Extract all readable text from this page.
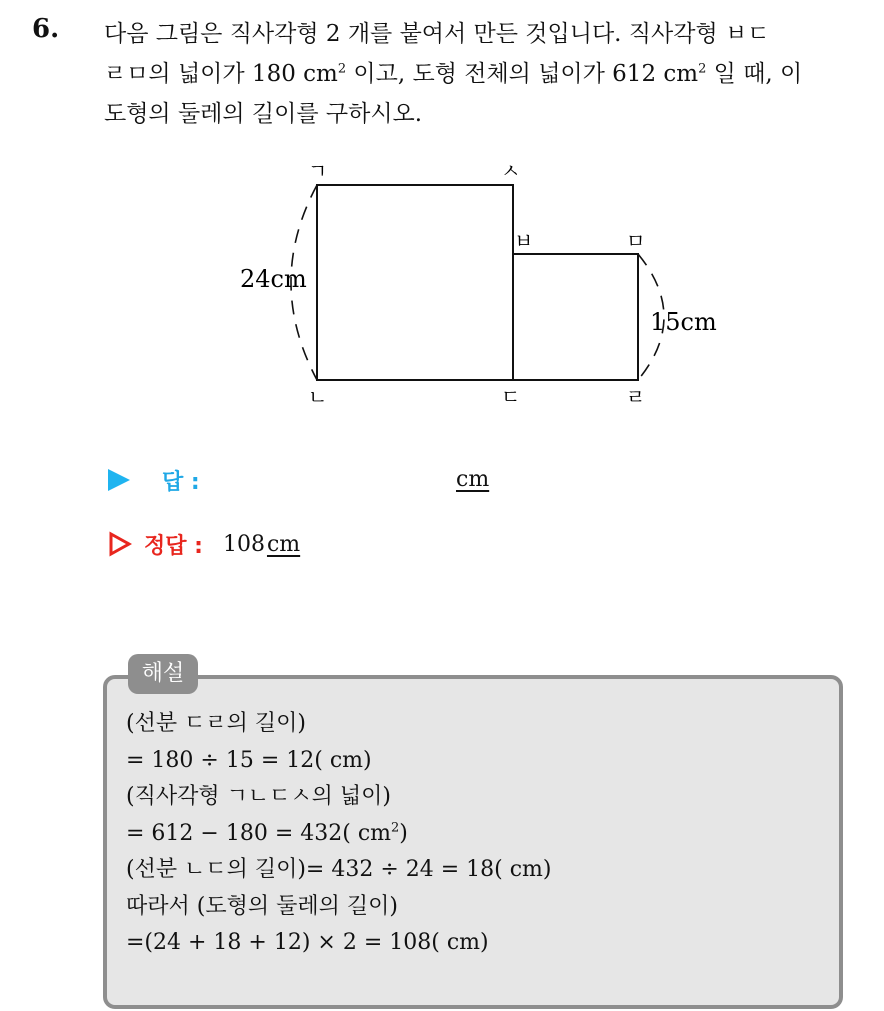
6. 다음 그림은 직사각형 2 개를 붙여서 만든 것입니다. 직사각형 ㅂㄷ
ㄹㅁ의 넓이가 180 $cm^2$ 이고, 도형 전체의 넓이가 612 $cm^2$ 일 때, 이
도형의 둘레의 길이를 구하시오.
ㄱ	ㅅ
ㅂ	ㅁ
ㄴ	ㄷ	ㄹ
24cm
15cm
답 :	cm
정답 : 108 cm
해설
(선분 ㄷㄹ의 길이)
= 180 ÷ 15 = 12( cm)
(직사각형 ㄱㄴㄷㅅ의 넓이)
= 612 − 180 = 432( $cm^2$)
(선분 ㄴㄷ의 길이)= 432 ÷ 24 = 18( cm)
따라서 (도형의 둘레의 길이)
=(24 + 18 + 12) × 2 = 108( cm)
